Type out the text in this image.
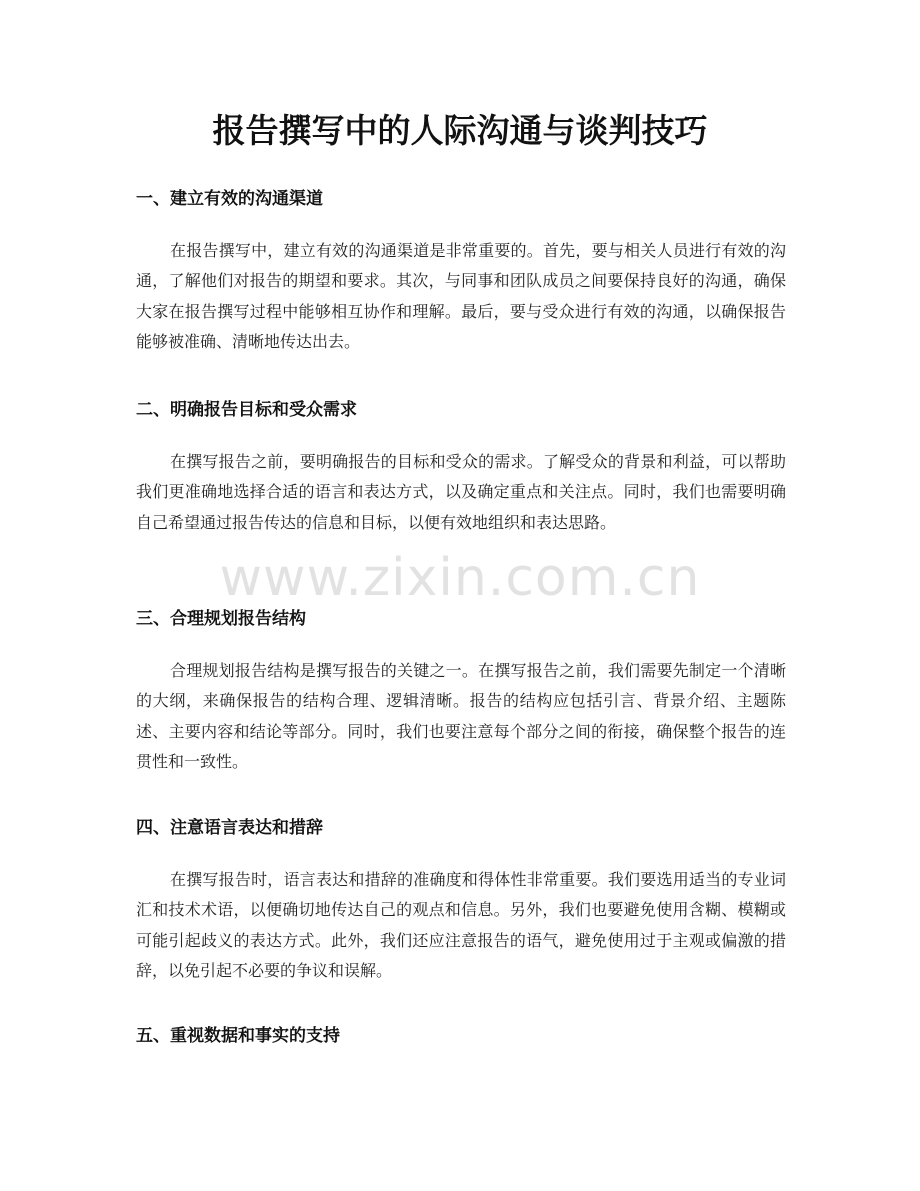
报告撰写中的人际沟通与谈判技巧
一、建立有效的沟通渠道

在报告撰写中，建立有效的沟通渠道是非常重要的。首先，要与相关人员进行有效的沟通，了解他们对报告的期望和要求。其次，与同事和团队成员之间要保持良好的沟通，确保大家在报告撰写过程中能够相互协作和理解。最后，要与受众进行有效的沟通，以确保报告能够被准确、清晰地传达出去。

二、明确报告目标和受众需求

在撰写报告之前，要明确报告的目标和受众的需求。了解受众的背景和利益，可以帮助我们更准确地选择合适的语言和表达方式，以及确定重点和关注点。同时，我们也需要明确自己希望通过报告传达的信息和目标，以便有效地组织和表达思路。

三、合理规划报告结构

合理规划报告结构是撰写报告的关键之一。在撰写报告之前，我们需要先制定一个清晰的大纲，来确保报告的结构合理、逻辑清晰。报告的结构应包括引言、背景介绍、主题陈述、主要内容和结论等部分。同时，我们也要注意每个部分之间的衔接，确保整个报告的连贯性和一致性。

四、注意语言表达和措辞

在撰写报告时，语言表达和措辞的准确度和得体性非常重要。我们要选用适当的专业词汇和技术术语，以便确切地传达自己的观点和信息。另外，我们也要避免使用含糊、模糊或可能引起歧义的表达方式。此外，我们还应注意报告的语气，避免使用过于主观或偏激的措辞，以免引起不必要的争议和误解。

五、重视数据和事实的支持
www.zixin.com.cn
